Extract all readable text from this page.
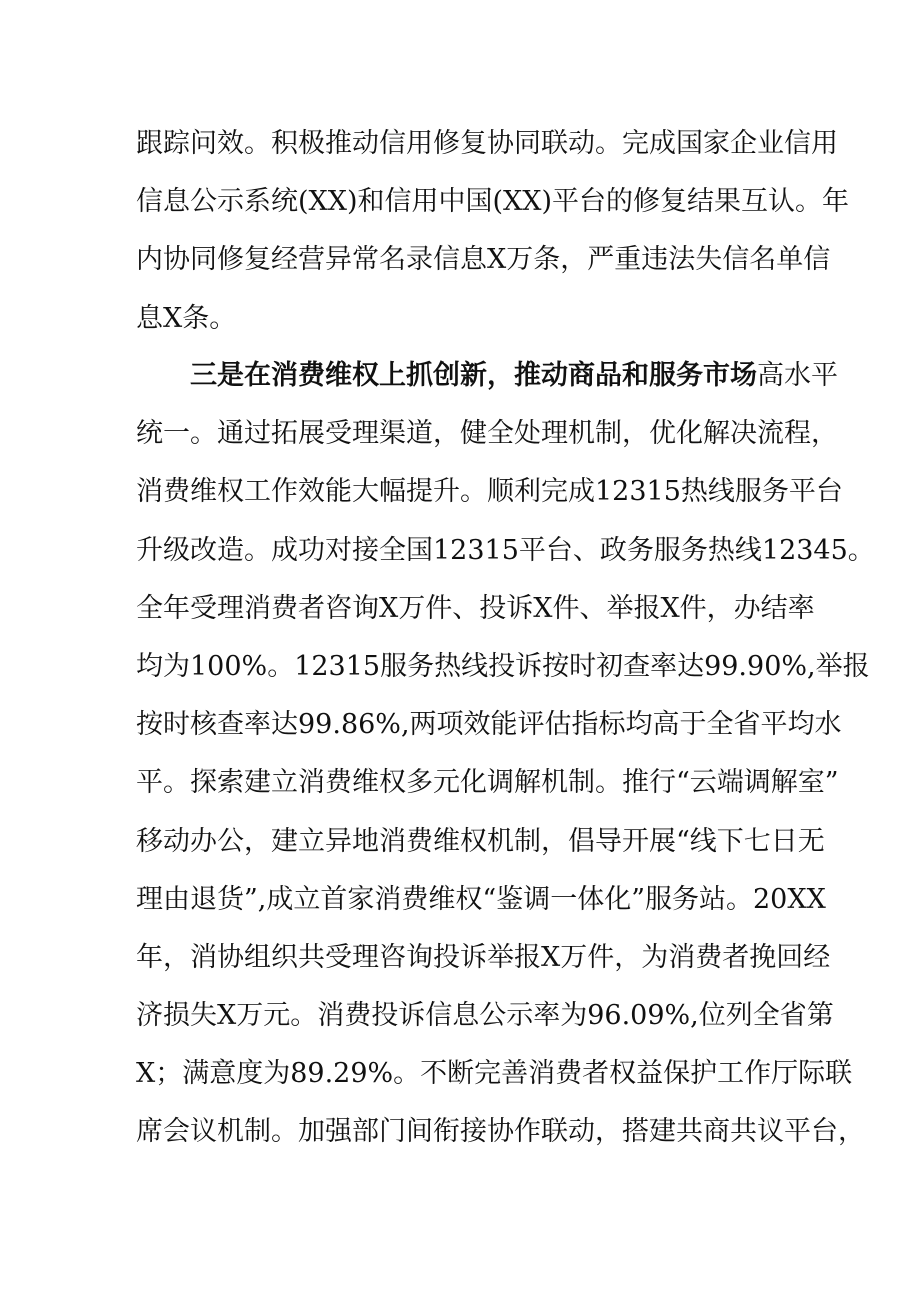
跟踪问效。积极推动信用修复协同联动。完成国家企业信用
信息公示系统(XX)和信用中国(XX)平台的修复结果互认。年
内协同修复经营异常名录信息X万条，严重违法失信名单信
息X条。
三是在消费维权上抓创新，推动商品和服务市场高水平
统一。通过拓展受理渠道，健全处理机制，优化解决流程，
消费维权工作效能大幅提升。顺利完成12315热线服务平台
升级改造。成功对接全国12315平台、政务服务热线12345。
全年受理消费者咨询X万件、投诉X件、举报X件，办结率
均为100%。12315服务热线投诉按时初查率达99.90%,举报
按时核查率达99.86%,两项效能评估指标均高于全省平均水
平。探索建立消费维权多元化调解机制。推行“云端调解室”
移动办公，建立异地消费维权机制，倡导开展“线下七日无
理由退货”,成立首家消费维权“鉴调一体化”服务站。20XX
年，消协组织共受理咨询投诉举报X万件，为消费者挽回经
济损失X万元。消费投诉信息公示率为96.09%,位列全省第
X；满意度为89.29%。不断完善消费者权益保护工作厅际联
席会议机制。加强部门间衔接协作联动，搭建共商共议平台，
